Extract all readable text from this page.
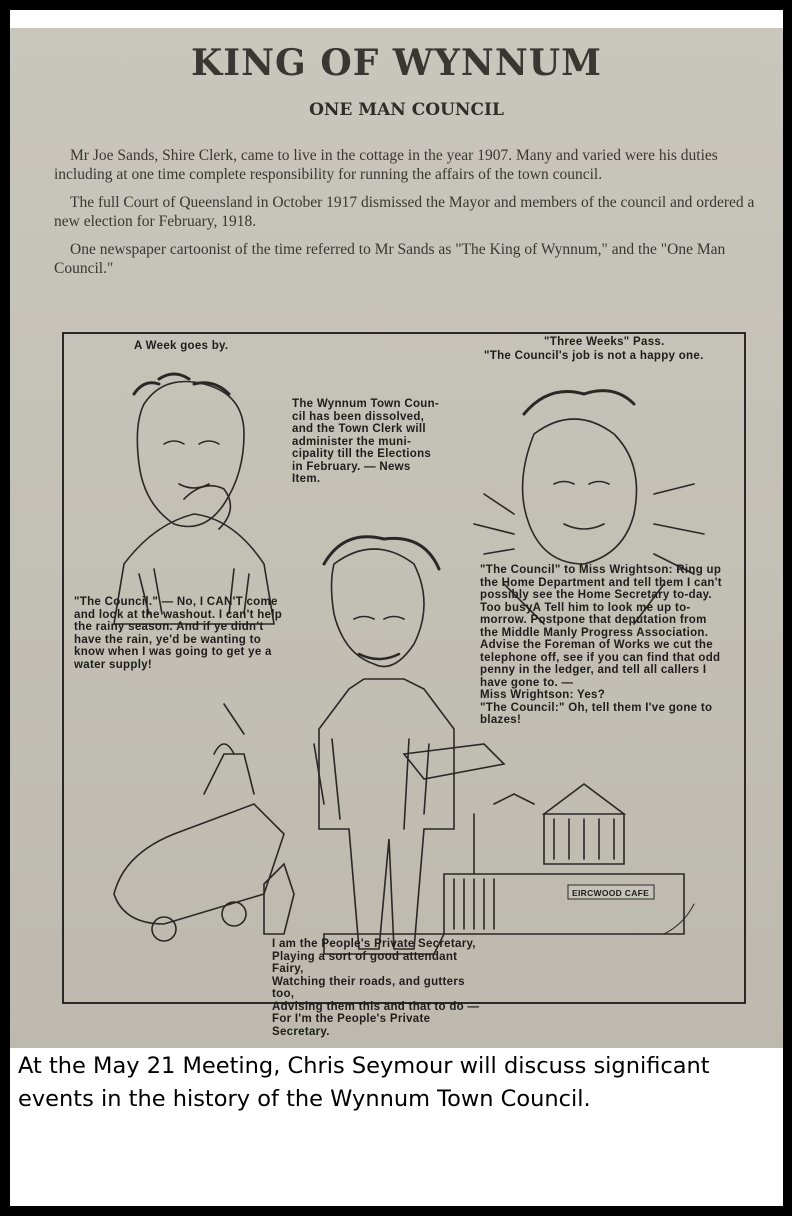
KING OF WYNNUM
ONE MAN COUNCIL
Mr Joe Sands, Shire Clerk, came to live in the cottage in the year 1907. Many and varied were his duties including at one time complete responsibility for running the affairs of the town council.
The full Court of Queensland in October 1917 dismissed the Mayor and members of the council and ordered a new election for February, 1918.
One newspaper cartoonist of the time referred to Mr Sands as "The King of Wynnum," and the "One Man Council."
A Week goes by.	"Three Weeks" Pass.
"The Council's job is not a happy one.
The Wynnum Town Coun-
cil has been dissolved,
and the Town Clerk will
administer the muni-
cipality till the Elections
in February. — News
Item.
"The Council." — No, I CAN'T come
and look at the washout. I can't help
the rainy season. And if ye didn't
have the rain, ye'd be wanting to
know when I was going to get ye a
water supply!
"The Council" to Miss Wrightson: Ring up
the Home Department and tell them I can't
possibly see the Home Secretary to-day.
Too busyA Tell him to look me up to-
morrow. Postpone that deputation from
the Middle Manly Progress Association.
Advise the Foreman of Works we cut the
telephone off, see if you can find that odd
penny in the ledger, and tell all callers I
have gone to. —
Miss Wrightson: Yes?
"The Council:" Oh, tell them I've gone to
blazes!
I am the People's Private Secretary,
Playing a sort of good attendant
Fairy,
Watching their roads, and gutters
too,
Advising them this and that to do —
For I'm the People's Private
Secretary.
EIRCWOOD CAFE
At the May 21 Meeting, Chris Seymour will discuss significant events in the history of the Wynnum Town Council.
